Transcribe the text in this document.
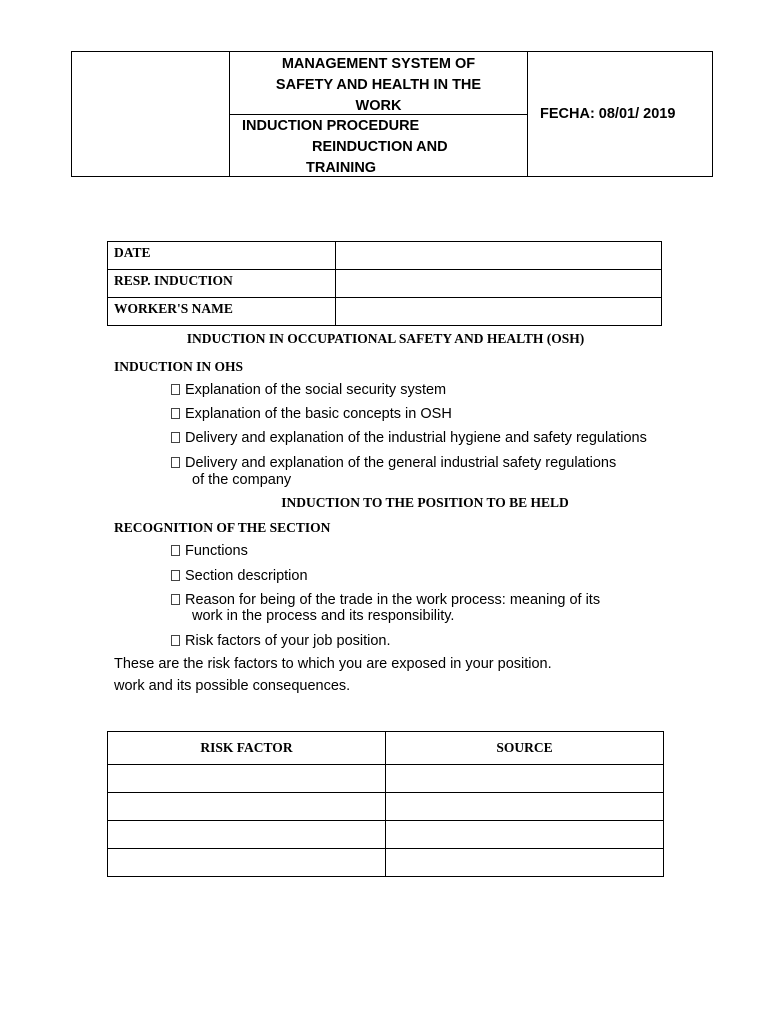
MANAGEMENT SYSTEM OF
SAFETY AND HEALTH IN THE
WORK
INDUCTION PROCEDURE
REINDUCTION AND
TRAINING
FECHA: 08/01/ 2019
DATE	
RESP. INDUCTION	
WORKER'S NAME	
INDUCTION IN OCCUPATIONAL SAFETY AND HEALTH (OSH)
INDUCTION IN OHS
Explanation of the social security system
Explanation of the basic concepts in OSH
Delivery and explanation of the industrial hygiene and safety regulations
Delivery and explanation of the general industrial safety regulations
of the company
INDUCTION TO THE POSITION TO BE HELD
RECOGNITION OF THE SECTION
Functions
Section description
Reason for being of the trade in the work process: meaning of its
work in the process and its responsibility.
Risk factors of your job position.
These are the risk factors to which you are exposed in your position.
work and its possible consequences.
RISK FACTOR	SOURCE
